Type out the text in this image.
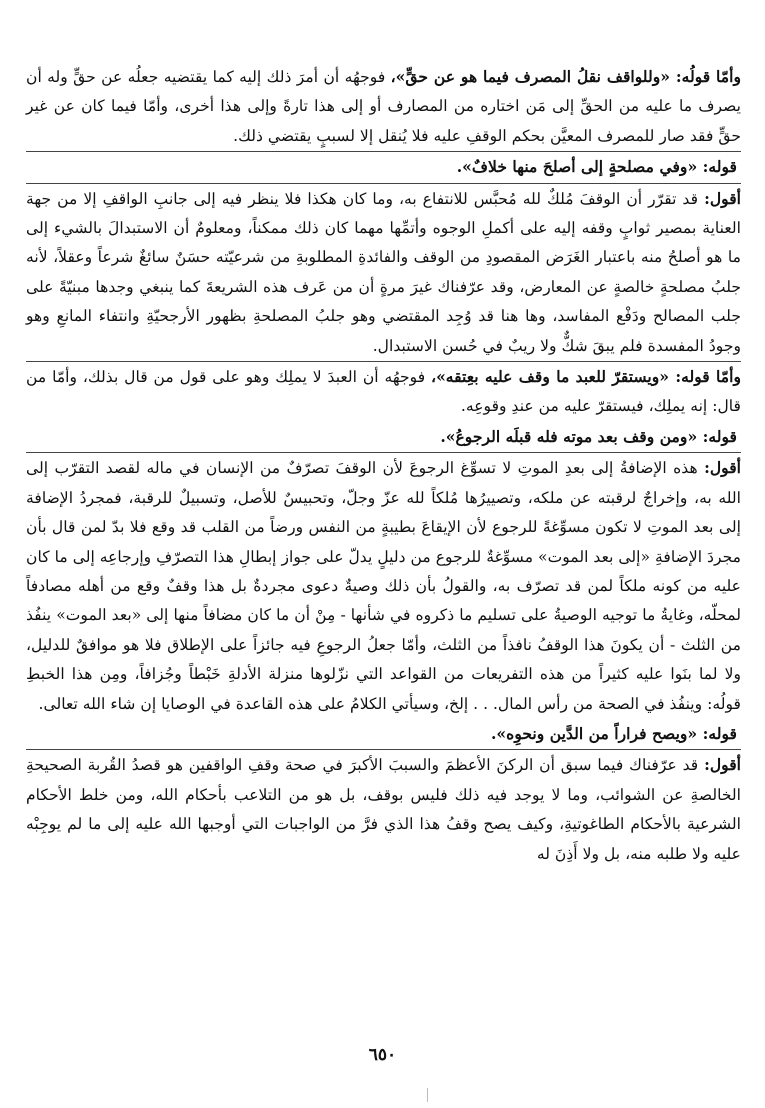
وأمّا قولُه: «وللواقف نقلُ المصرف فيما هو عن حقٍّ»، فوجهُه أن أمرَ ذلك إليه كما يقتضيه جعلُه عن حقٍّ وله أن يصرف ما عليه من الحقِّ إلى مَن اختاره من المصارف أو إلى هذا تارةً وإلى هذا أخرى، وأمّا فيما كان عن غير حقٍّ فقد صار للمصرف المعيَّن بحكم الوقفِ عليه فلا يُنقل إلا لسببٍ يقتضي ذلك.

قوله: «وفي مصلحةٍ إلى أصلحَ منها خلافٌ».

أقول: قد تقرّر أن الوقفَ مُلكٌ لله مُحبَّس للانتفاع به، وما كان هكذا فلا ينظر فيه إلى جانبِ الواقفِ إلا من جهة العناية بمصير ثوابٍ وقفه إليه على أكملِ الوجوه وأتمِّها مهما كان ذلك ممكناً، ومعلومٌ أن الاستبدالَ بالشيء إلى ما هو أصلحُ منه باعتبار الغَرَض المقصودِ من الوقف والفائدةِ المطلوبةِ من شرعيّته حسَنٌ سائغٌ شرعاً وعقلاً، لأنه جلبُ مصلحةٍ خالصةٍ عن المعارض، وقد عرّفناك غيرَ مرةٍ أن من عَرف هذه الشريعةَ كما ينبغي وجدها مبنيّةً على جلب المصالح ودَفْع المفاسد، وها هنا قد وُجِد المقتضي وهو جلبُ المصلحةِ بظهور الأرجحيّةِ وانتفاء المانعِ وهو وجودُ المفسدة فلم يبقَ شكٌّ ولا ريبٌ في حُسن الاستبدال.

وأمّا قوله: «ويستقرّ للعبد ما وقف عليه بعِتقه»، فوجهُه أن العبدَ لا يملِك وهو على قول من قال بذلك، وأمّا من قال: إنه يملِك، فيستقرّ عليه من عندِ وقوعِه.

قوله: «ومن وقف بعد موته فله قبلَه الرجوعُ».

أقول: هذه الإضافةُ إلى بعدِ الموتِ لا تسوِّغ الرجوعَ لأن الوقفَ تصرّفٌ من الإنسان في ماله لقصد التقرّب إلى الله به، وإخراجٌ لرقبته عن ملكه، وتصييرُها مُلكاً لله عزّ وجلّ، وتحبيسٌ للأصل، وتسبيلٌ للرقبة، فمجردُ الإضافة إلى بعد الموتِ لا تكون مسوِّغةً للرجوع لأن الإيقاعَ بطيبةٍ من النفس ورضاً من القلب قد وقع فلا بدّ لمن قال بأن مجردَ الإضافةِ «إلى بعد الموت» مسوِّغةٌ للرجوع من دليلٍ يدلّ على جواز إبطالِ هذا التصرّفِ وإرجاعِه إلى ما كان عليه من كونه ملكاً لمن قد تصرّف به، والقولُ بأن ذلك وصيةٌ دعوى مجردةٌ بل هذا وقفٌ وقع من أهله مصادفاً لمحلّه، وغايةُ ما توجيه الوصيةُ على تسليم ما ذكروه في شأنها - مِنْ أن ما كان مضافاً منها إلى «بعد الموت» ينفُذ من الثلث - أن يكونَ هذا الوقفُ نافذاً من الثلث، وأمّا جعلُ الرجوعِ فيه جائزاً على الإطلاق فلا هو موافقٌ للدليل، ولا لما بنَوا عليه كثيراً من هذه التفريعات من القواعد التي نزّلوها منزلة الأدلةِ خَبْطاً وجُزافاً، ومِن هذا الخبطِ قولُه: وينفُذ في الصحة من رأس المال. . . إلخ، وسيأتي الكلامُ على هذه القاعدة في الوصايا إن شاء الله تعالى.

قوله: «ويصح فراراً من الدَّين ونحوِه».

أقول: قد عرّفناك فيما سبق أن الركنَ الأعظمَ والسببَ الأكبرَ في صحة وقفِ الواقفين هو قصدُ القُربة الصحيحةِ الخالصةِ عن الشوائب، وما لا يوجد فيه ذلك فليس بوقف، بل هو من التلاعب بأحكام الله، ومن خلط الأحكام الشرعية بالأحكام الطاغوتيةِ، وكيف يصح وقفُ هذا الذي فرَّ من الواجبات التي أوجبها الله عليه إلى ما لم يوجِبْه عليه ولا طلبه منه، بل ولا أَذِنَ له

٦٥٠
